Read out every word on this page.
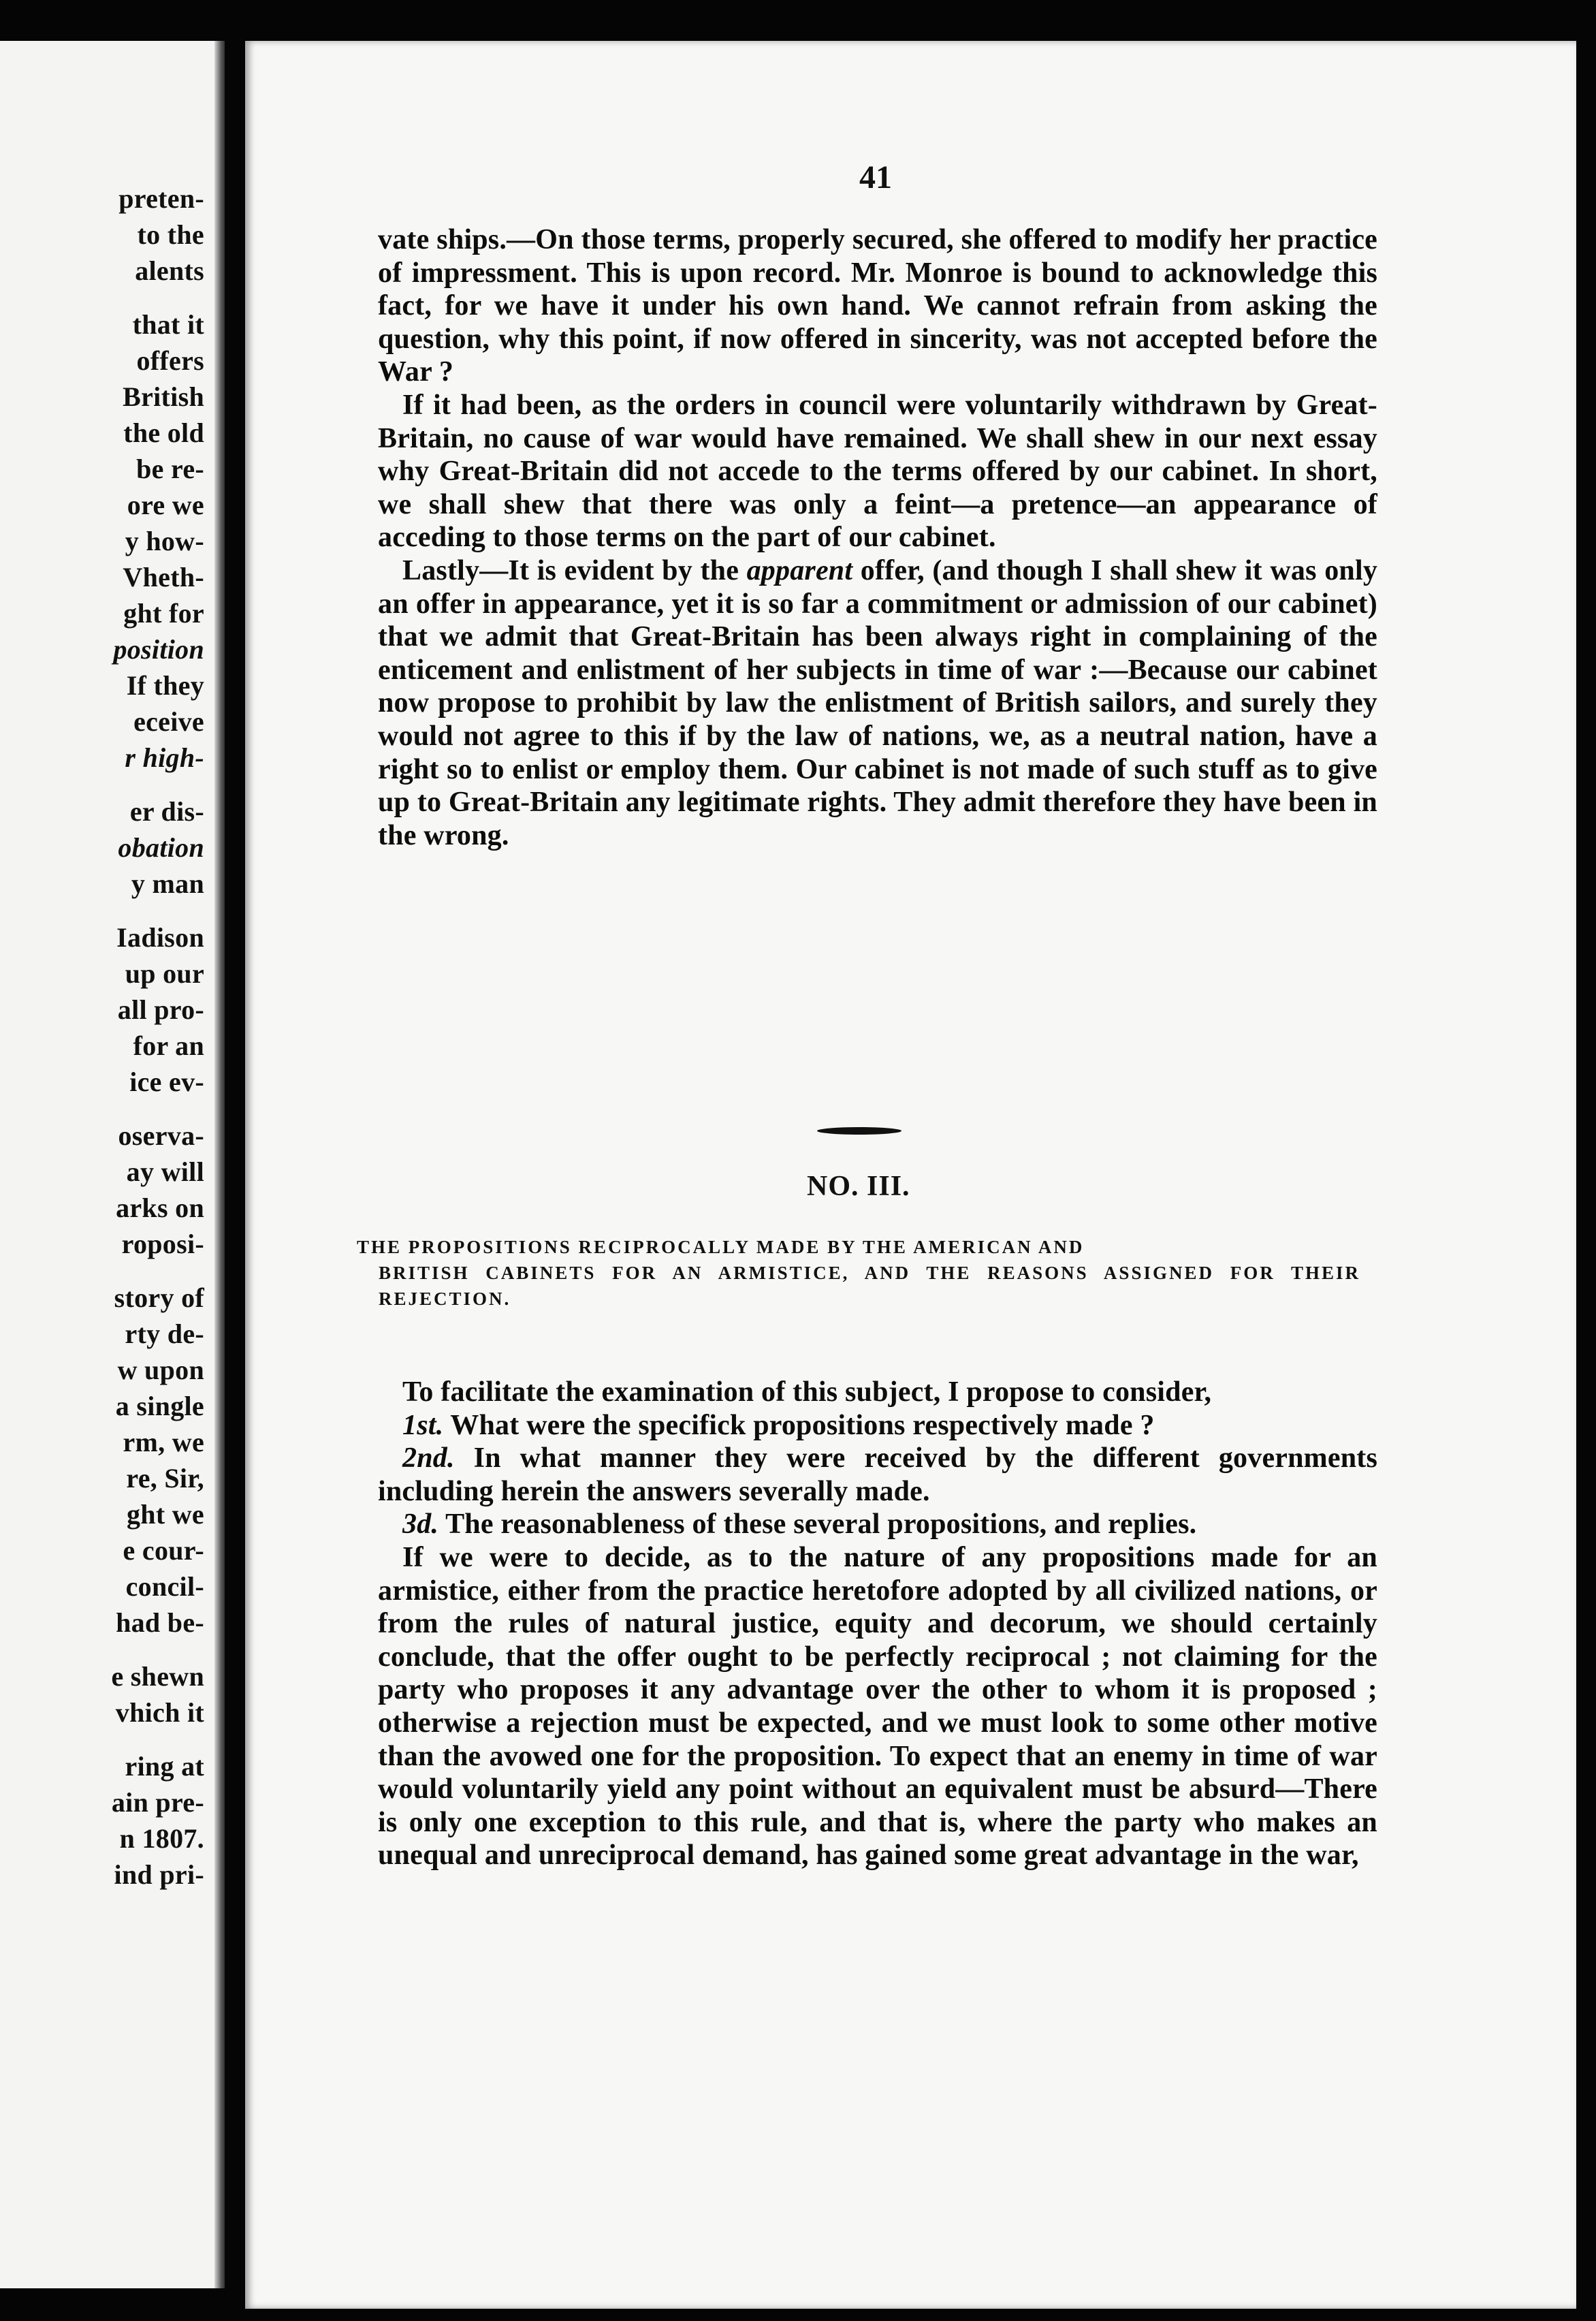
preten-
to the
alents
that it
offers
British
the old
be re-
ore we
y how-
Vheth-
ght for
position
If they
eceive
r high-
er dis-
obation
y man
Iadison
up our
all pro-
for an
ice ev-
oserva-
ay will
arks on
roposi-
story of
rty de-
w upon
a single
rm, we
re, Sir,
ght we
e cour-
concil-
had be-
e shewn
vhich it
ring at
ain pre-
n 1807.
ind pri-
41

vate ships.—On those terms, properly secured, she offered to modify her practice of impressment. This is upon record. Mr. Monroe is bound to acknowledge this fact, for we have it under his own hand. We cannot refrain from asking the question, why this point, if now offered in sincerity, was not accepted before the War ?

If it had been, as the orders in council were voluntarily withdrawn by Great-Britain, no cause of war would have remained. We shall shew in our next essay why Great-Britain did not accede to the terms offered by our cabinet. In short, we shall shew that there was only a feint—a pretence—an appearance of acceding to those terms on the part of our cabinet.

Lastly—It is evident by the apparent offer, (and though I shall shew it was only an offer in appearance, yet it is so far a commitment or admission of our cabinet) that we admit that Great-Britain has been always right in complaining of the enticement and enlistment of her subjects in time of war :—Because our cabinet now propose to prohibit by law the enlistment of British sailors, and surely they would not agree to this if by the law of nations, we, as a neutral nation, have a right so to enlist or employ them. Our cabinet is not made of such stuff as to give up to Great-Britain any legitimate rights. They admit therefore they have been in the wrong.

NO. III.
THE PROPOSITIONS RECIPROCALLY MADE BY THE AMERICAN AND
BRITISH CABINETS FOR AN ARMISTICE, AND THE REASONS ASSIGNED FOR THEIR REJECTION.

To facilitate the examination of this subject, I propose to consider,

1st. What were the specifick propositions respectively made ?

2nd. In what manner they were received by the different governments including herein the answers severally made.

3d. The reasonableness of these several propositions, and replies.

If we were to decide, as to the nature of any propositions made for an armistice, either from the practice heretofore adopted by all civilized nations, or from the rules of natural justice, equity and decorum, we should certainly conclude, that the offer ought to be perfectly reciprocal ; not claiming for the party who proposes it any advantage over the other to whom it is proposed ; otherwise a rejection must be expected, and we must look to some other motive than the avowed one for the proposition. To expect that an enemy in time of war would voluntarily yield any point without an equivalent must be absurd—There is only one exception to this rule, and that is, where the party who makes an unequal and unreciprocal demand, has gained some great advantage in the war,
